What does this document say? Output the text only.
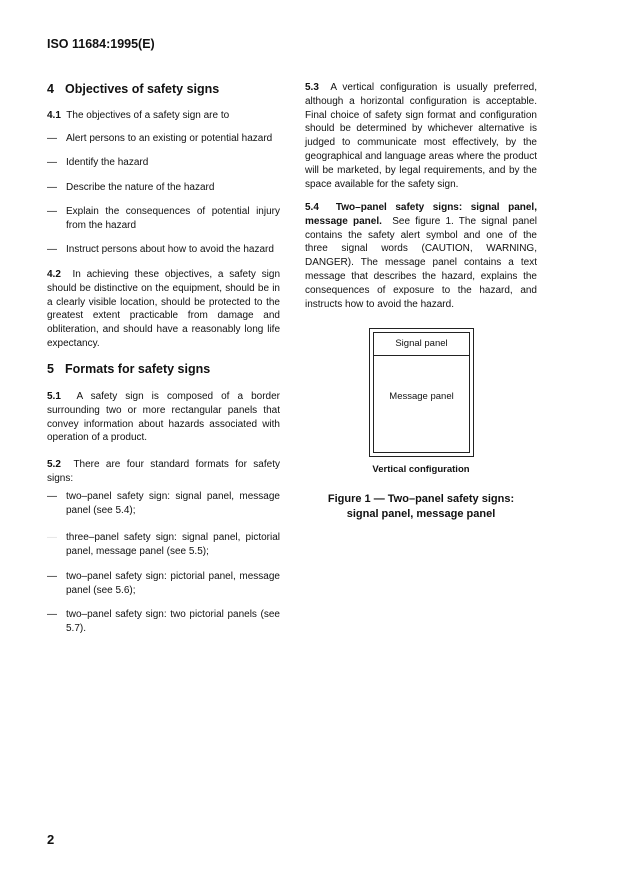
ISO 11684:1995(E)
4 Objectives of safety signs
4.1 The objectives of a safety sign are to
— Alert persons to an existing or potential hazard
— Identify the hazard
— Describe the nature of the hazard
— Explain the consequences of potential injury from the hazard
— Instruct persons about how to avoid the hazard
4.2 In achieving these objectives, a safety sign should be distinctive on the equipment, should be in a clearly visible location, should be protected to the greatest extent practicable from damage and obliteration, and should have a reasonably long life expectancy.
5 Formats for safety signs
5.1 A safety sign is composed of a border surrounding two or more rectangular panels that convey information about hazards associated with operation of a product.
5.2 There are four standard formats for safety signs:
— two–panel safety sign: signal panel, message panel (see 5.4);
— three–panel safety sign: signal panel, pictorial panel, message panel (see 5.5);
— two–panel safety sign: pictorial panel, message panel (see 5.6);
— two–panel safety sign: two pictorial panels (see 5.7).
5.3 A vertical configuration is usually preferred, although a horizontal configuration is acceptable. Final choice of safety sign format and configuration should be determined by whichever alternative is judged to communicate most effectively, by the geographical and language areas where the product will be marketed, by legal requirements, and by the space available for the safety sign.
5.4 Two–panel safety signs: signal panel, message panel. See figure 1. The signal panel contains the safety alert symbol and one of the three signal words (CAUTION, WARNING, DANGER). The message panel contains a text message that describes the hazard, explains the consequences of exposure to the hazard, and instructs how to avoid the hazard.
Signal panel
Message panel
Vertical configuration
Figure 1 — Two–panel safety signs:
signal panel, message panel
2
